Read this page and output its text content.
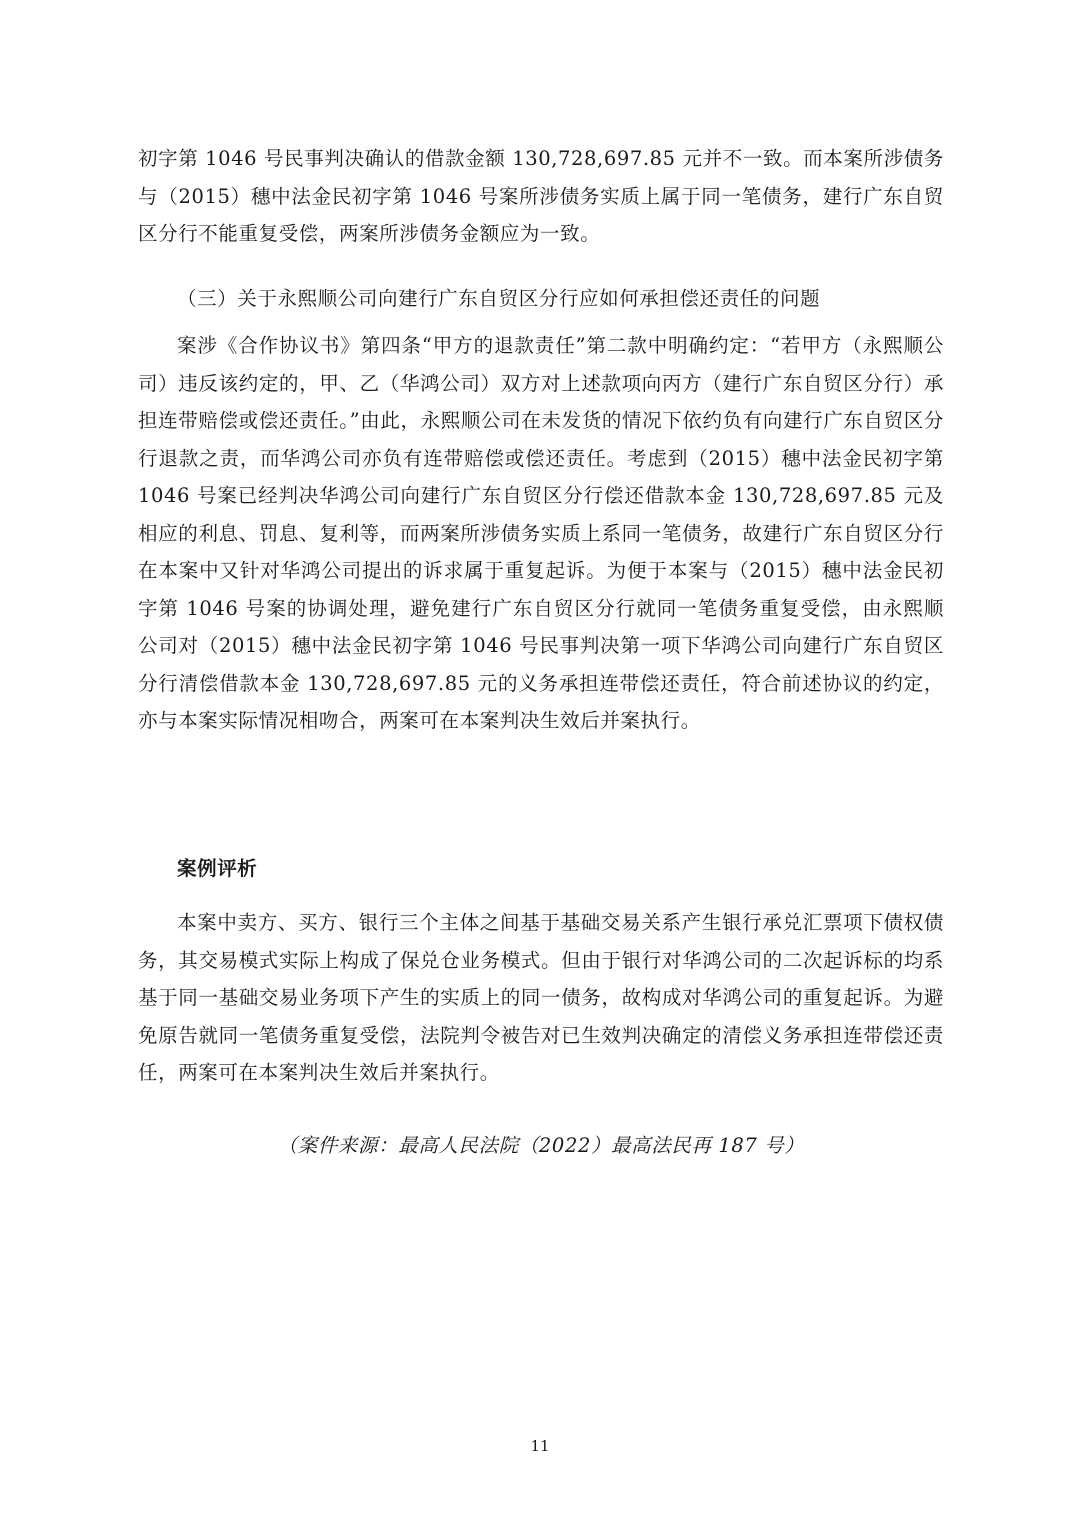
初字第 1046 号民事判决确认的借款金额 130,728,697.85 元并不一致。而本案所涉债务与（2015）穗中法金民初字第 1046 号案所涉债务实质上属于同一笔债务，建行广东自贸区分行不能重复受偿，两案所涉债务金额应为一致。

（三）关于永熙顺公司向建行广东自贸区分行应如何承担偿还责任的问题

案涉《合作协议书》第四条“甲方的退款责任”第二款中明确约定：“若甲方（永熙顺公司）违反该约定的，甲、乙（华鸿公司）双方对上述款项向丙方（建行广东自贸区分行）承担连带赔偿或偿还责任。”由此，永熙顺公司在未发货的情况下依约负有向建行广东自贸区分行退款之责，而华鸿公司亦负有连带赔偿或偿还责任。考虑到（2015）穗中法金民初字第 1046 号案已经判决华鸿公司向建行广东自贸区分行偿还借款本金 130,728,697.85 元及相应的利息、罚息、复利等，而两案所涉债务实质上系同一笔债务，故建行广东自贸区分行在本案中又针对华鸿公司提出的诉求属于重复起诉。为便于本案与（2015）穗中法金民初字第 1046 号案的协调处理，避免建行广东自贸区分行就同一笔债务重复受偿，由永熙顺公司对（2015）穗中法金民初字第 1046 号民事判决第一项下华鸿公司向建行广东自贸区分行清偿借款本金 130,728,697.85 元的义务承担连带偿还责任，符合前述协议的约定，亦与本案实际情况相吻合，两案可在本案判决生效后并案执行。

案例评析

本案中卖方、买方、银行三个主体之间基于基础交易关系产生银行承兑汇票项下债权债务，其交易模式实际上构成了保兑仓业务模式。但由于银行对华鸿公司的二次起诉标的均系基于同一基础交易业务项下产生的实质上的同一债务，故构成对华鸿公司的重复起诉。为避免原告就同一笔债务重复受偿，法院判令被告对已生效判决确定的清偿义务承担连带偿还责任，两案可在本案判决生效后并案执行。

（案件来源：最高人民法院（2022）最高法民再 187 号）

11
